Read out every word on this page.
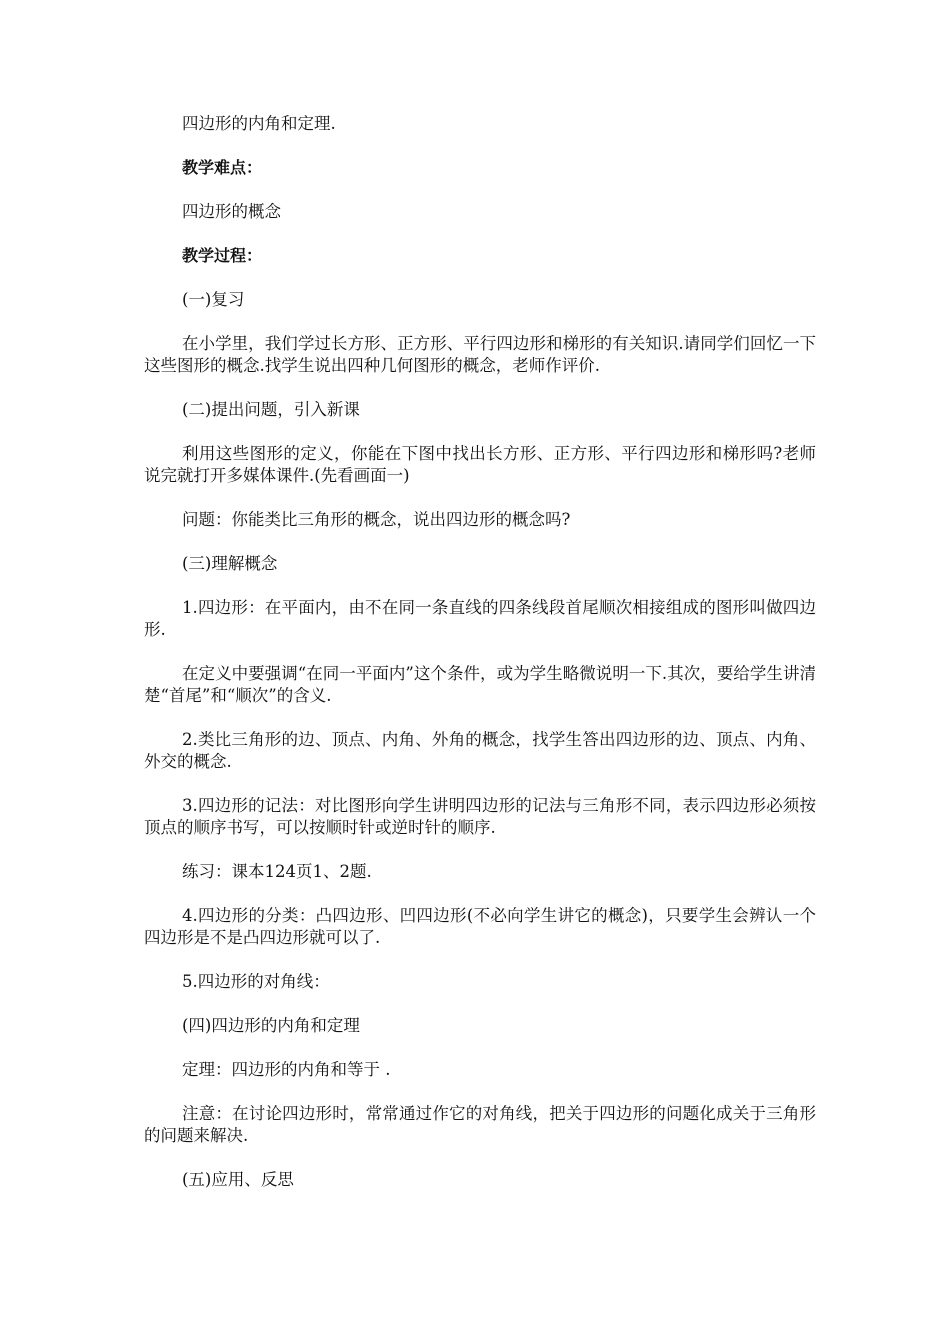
四边形的内角和定理.

教学难点：

四边形的概念

教学过程：

(一)复习

在小学里，我们学过长方形、正方形、平行四边形和梯形的有关知识.请同学们回忆一下这些图形的概念.找学生说出四种几何图形的概念，老师作评价.

(二)提出问题，引入新课

利用这些图形的定义，你能在下图中找出长方形、正方形、平行四边形和梯形吗?老师说完就打开多媒体课件.(先看画面一)

问题：你能类比三角形的概念，说出四边形的概念吗?

(三)理解概念

1.四边形：在平面内，由不在同一条直线的四条线段首尾顺次相接组成的图形叫做四边形.

在定义中要强调“在同一平面内”这个条件，或为学生略微说明一下.其次，要给学生讲清楚“首尾”和“顺次”的含义.

2.类比三角形的边、顶点、内角、外角的概念，找学生答出四边形的边、顶点、内角、外交的概念.

3.四边形的记法：对比图形向学生讲明四边形的记法与三角形不同，表示四边形必须按顶点的顺序书写，可以按顺时针或逆时针的顺序.

练习：课本124页1、2题.

4.四边形的分类：凸四边形、凹四边形(不必向学生讲它的概念)，只要学生会辨认一个四边形是不是凸四边形就可以了.

5.四边形的对角线：

(四)四边形的内角和定理

定理：四边形的内角和等于 .

注意：在讨论四边形时，常常通过作它的对角线，把关于四边形的问题化成关于三角形的问题来解决.

(五)应用、反思
